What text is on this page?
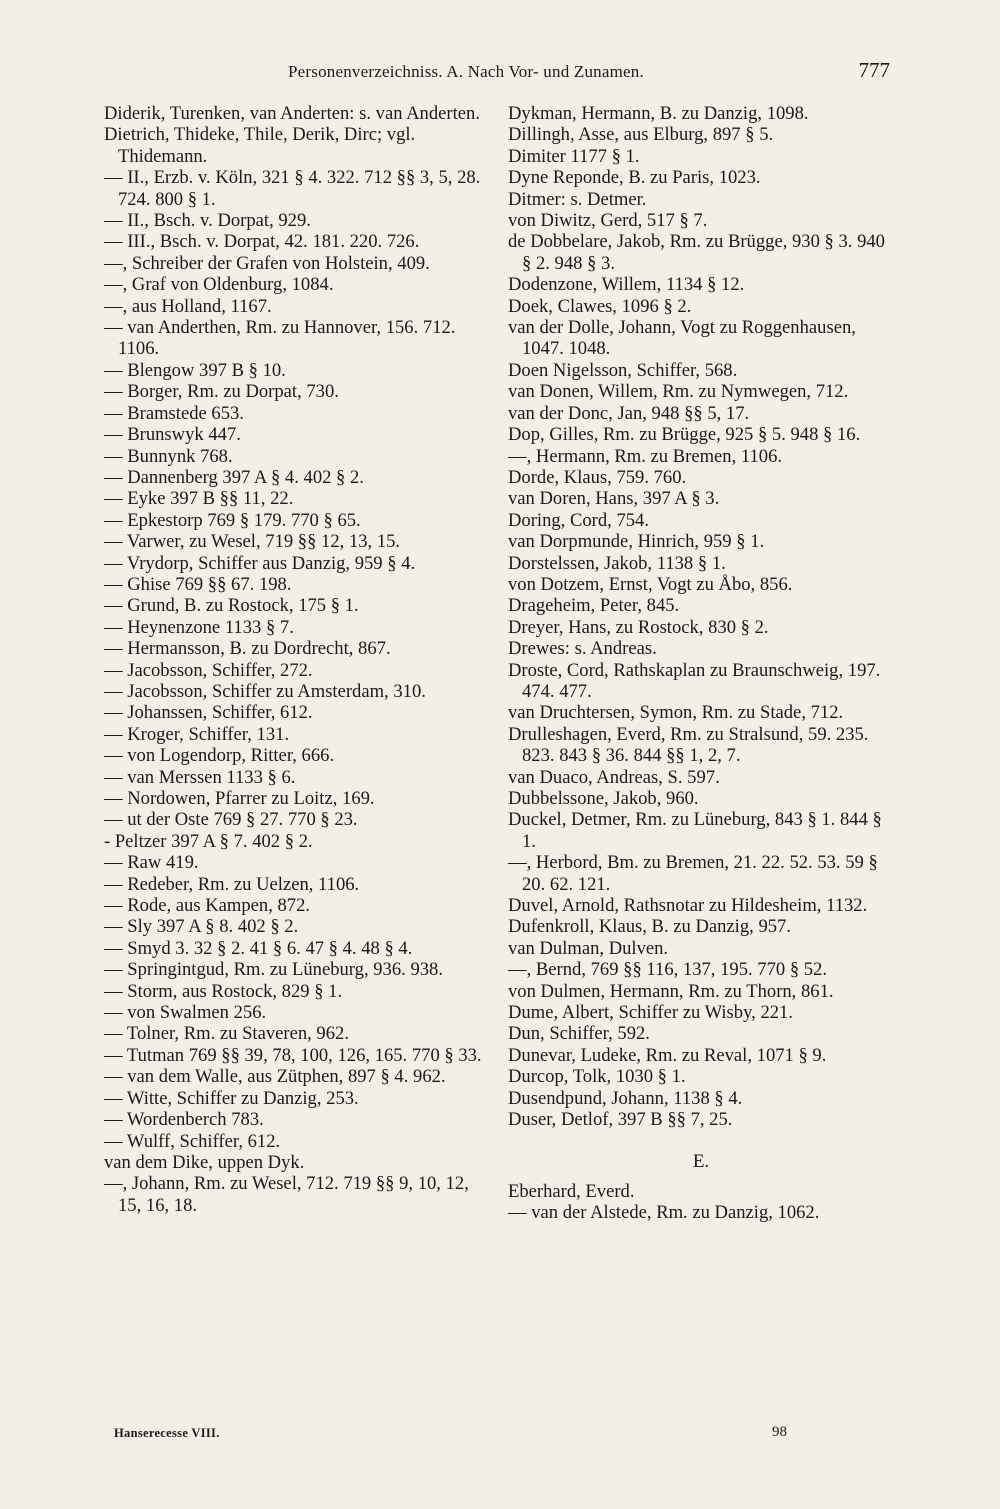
Personenverzeichniss. A. Nach Vor- und Zunamen.	777

Diderik, Turenken, van Anderten: s. van Anderten.

Dietrich, Thideke, Thile, Derik, Dirc; vgl. Thidemann.

— II., Erzb. v. Köln, 321 § 4. 322. 712 §§ 3, 5, 28. 724. 800 § 1.

— II., Bsch. v. Dorpat, 929.

— III., Bsch. v. Dorpat, 42. 181. 220. 726.

—, Schreiber der Grafen von Holstein, 409.

—, Graf von Oldenburg, 1084.

—, aus Holland, 1167.

— van Anderthen, Rm. zu Hannover, 156. 712. 1106.

— Blengow 397 B § 10.

— Borger, Rm. zu Dorpat, 730.

— Bramstede 653.

— Brunswyk 447.

— Bunnynk 768.

— Dannenberg 397 A § 4. 402 § 2.

— Eyke 397 B §§ 11, 22.

— Epkestorp 769 § 179. 770 § 65.

— Varwer, zu Wesel, 719 §§ 12, 13, 15.

— Vrydorp, Schiffer aus Danzig, 959 § 4.

— Ghise 769 §§ 67. 198.

— Grund, B. zu Rostock, 175 § 1.

— Heynenzone 1133 § 7.

— Hermansson, B. zu Dordrecht, 867.

— Jacobsson, Schiffer, 272.

— Jacobsson, Schiffer zu Amsterdam, 310.

— Johanssen, Schiffer, 612.

— Kroger, Schiffer, 131.

— von Logendorp, Ritter, 666.

— van Merssen 1133 § 6.

— Nordowen, Pfarrer zu Loitz, 169.

— ut der Oste 769 § 27. 770 § 23.

- Peltzer 397 A § 7. 402 § 2.

— Raw 419.

— Redeber, Rm. zu Uelzen, 1106.

— Rode, aus Kampen, 872.

— Sly 397 A § 8. 402 § 2.

— Smyd 3. 32 § 2. 41 § 6. 47 § 4. 48 § 4.

— Springintgud, Rm. zu Lüneburg, 936. 938.

— Storm, aus Rostock, 829 § 1.

— von Swalmen 256.

— Tolner, Rm. zu Staveren, 962.

— Tutman 769 §§ 39, 78, 100, 126, 165. 770 § 33.

— van dem Walle, aus Zütphen, 897 § 4. 962.

— Witte, Schiffer zu Danzig, 253.

— Wordenberch 783.

— Wulff, Schiffer, 612.

van dem Dike, uppen Dyk.

—, Johann, Rm. zu Wesel, 712. 719 §§ 9, 10, 12, 15, 16, 18.

Dykman, Hermann, B. zu Danzig, 1098.

Dillingh, Asse, aus Elburg, 897 § 5.

Dimiter 1177 § 1.

Dyne Reponde, B. zu Paris, 1023.

Ditmer: s. Detmer.

von Diwitz, Gerd, 517 § 7.

de Dobbelare, Jakob, Rm. zu Brügge, 930 § 3. 940 § 2. 948 § 3.

Dodenzone, Willem, 1134 § 12.

Doek, Clawes, 1096 § 2.

van der Dolle, Johann, Vogt zu Roggenhausen, 1047. 1048.

Doen Nigelsson, Schiffer, 568.

van Donen, Willem, Rm. zu Nymwegen, 712.

van der Donc, Jan, 948 §§ 5, 17.

Dop, Gilles, Rm. zu Brügge, 925 § 5. 948 § 16.

—, Hermann, Rm. zu Bremen, 1106.

Dorde, Klaus, 759. 760.

van Doren, Hans, 397 A § 3.

Doring, Cord, 754.

van Dorpmunde, Hinrich, 959 § 1.

Dorstelssen, Jakob, 1138 § 1.

von Dotzem, Ernst, Vogt zu Åbo, 856.

Drageheim, Peter, 845.

Dreyer, Hans, zu Rostock, 830 § 2.

Drewes: s. Andreas.

Droste, Cord, Rathskaplan zu Braunschweig, 197. 474. 477.

van Druchtersen, Symon, Rm. zu Stade, 712.

Drulleshagen, Everd, Rm. zu Stralsund, 59. 235. 823. 843 § 36. 844 §§ 1, 2, 7.

van Duaco, Andreas, S. 597.

Dubbelssone, Jakob, 960.

Duckel, Detmer, Rm. zu Lüneburg, 843 § 1. 844 § 1.

—, Herbord, Bm. zu Bremen, 21. 22. 52. 53. 59 § 20. 62. 121.

Duvel, Arnold, Rathsnotar zu Hildesheim, 1132.

Dufenkroll, Klaus, B. zu Danzig, 957.

van Dulman, Dulven.

—, Bernd, 769 §§ 116, 137, 195. 770 § 52.

von Dulmen, Hermann, Rm. zu Thorn, 861.

Dume, Albert, Schiffer zu Wisby, 221.

Dun, Schiffer, 592.

Dunevar, Ludeke, Rm. zu Reval, 1071 § 9.

Durcop, Tolk, 1030 § 1.

Dusendpund, Johann, 1138 § 4.

Duser, Detlof, 397 B §§ 7, 25.

E.

Eberhard, Everd.

— van der Alstede, Rm. zu Danzig, 1062.

Hanserecesse VIII.	98
